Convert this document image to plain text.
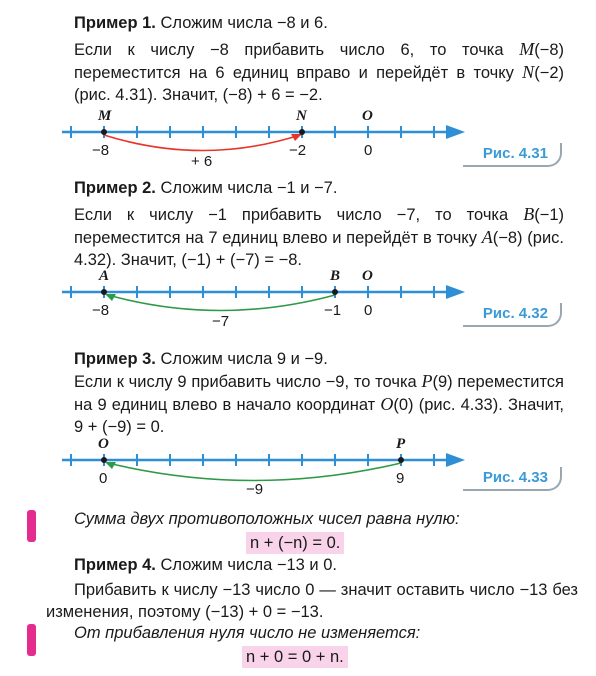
Пример 1. Сложим числа −8 и 6.
Если к числу −8 прибавить число 6, то точка M(−8) переместится на 6 единиц вправо и перейдёт в точку N(−2) (рис. 4.31). Значит, (−8) + 6 = −2.
M	N	O
−8	−2	0
+ 6	Рис. 4.31
Пример 2. Сложим числа −1 и −7.
Если к числу −1 прибавить число −7, то точка B(−1) переместится на 7 единиц влево и перейдёт в точку A(−8) (рис. 4.32). Значит, (−1) + (−7) = −8.
A	B O
−8	−1 0
−7	Рис. 4.32
Пример 3. Сложим числа 9 и −9.
Если к числу 9 прибавить число −9, то точка P(9) переместится на 9 единиц влево в начало координат O(0) (рис. 4.33). Значит, 9 + (−9) = 0.
O	P
0	9
−9
Рис. 4.33
Сумма двух противоположных чисел равна нулю:
n + (−n) = 0.
Пример 4. Сложим числа −13 и 0.
Прибавить к числу −13 число 0 — значит оставить число −13 без изменения, поэтому (−13) + 0 = −13.
От прибавления нуля число не изменяется:
n + 0 = 0 + n.
